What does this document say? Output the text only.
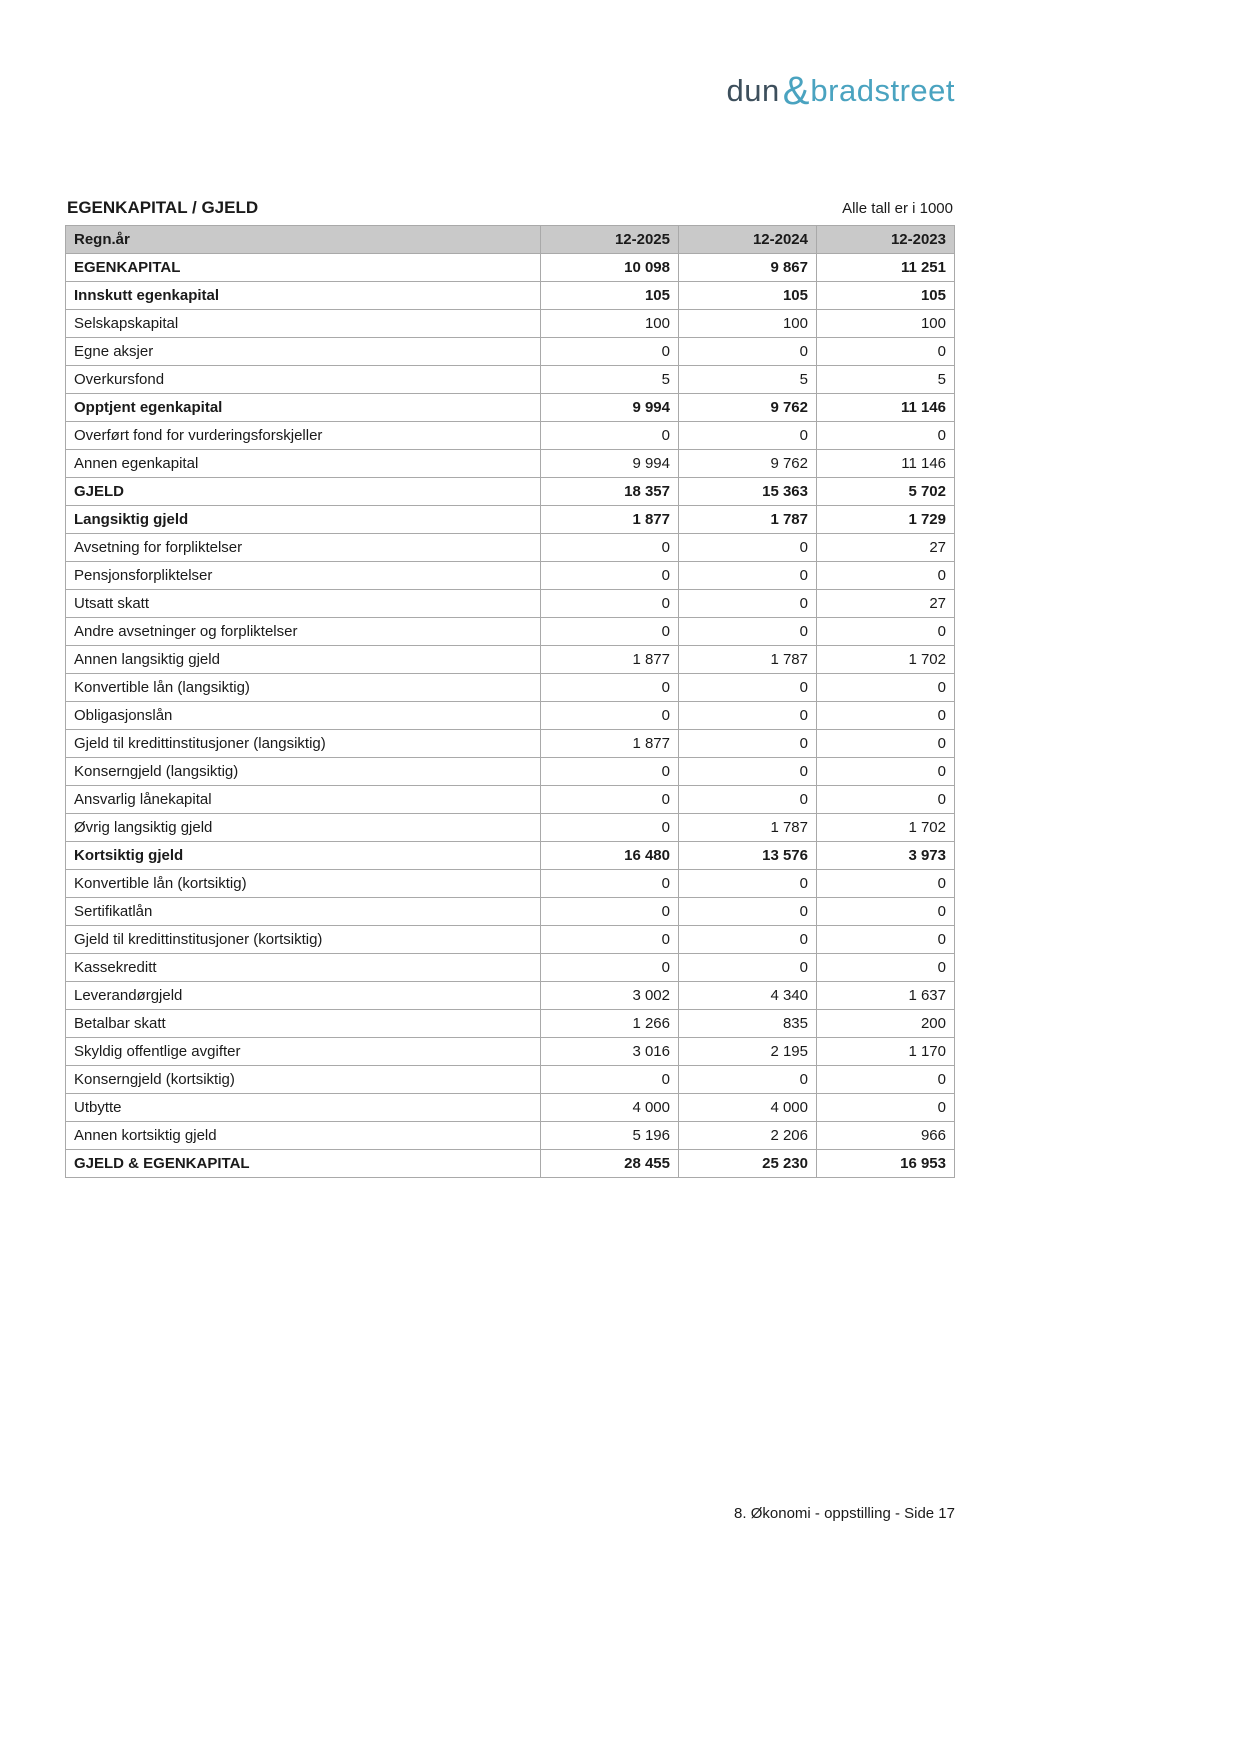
dun & bradstreet
EGENKAPITAL / GJELD	Alle tall er i 1000
Regn.år	12-2025	12-2024	12-2023
EGENKAPITAL	10 098	9 867	11 251
Innskutt egenkapital	105	105	105
Selskapskapital	100	100	100
Egne aksjer	0	0	0
Overkursfond	5	5	5
Opptjent egenkapital	9 994	9 762	11 146
Overført fond for vurderingsforskjeller	0	0	0
Annen egenkapital	9 994	9 762	11 146
GJELD	18 357	15 363	5 702
Langsiktig gjeld	1 877	1 787	1 729
Avsetning for forpliktelser	0	0	27
Pensjonsforpliktelser	0	0	0
Utsatt skatt	0	0	27
Andre avsetninger og forpliktelser	0	0	0
Annen langsiktig gjeld	1 877	1 787	1 702
Konvertible lån (langsiktig)	0	0	0
Obligasjonslån	0	0	0
Gjeld til kredittinstitusjoner (langsiktig)	1 877	0	0
Konserngjeld (langsiktig)	0	0	0
Ansvarlig lånekapital	0	0	0
Øvrig langsiktig gjeld	0	1 787	1 702
Kortsiktig gjeld	16 480	13 576	3 973
Konvertible lån (kortsiktig)	0	0	0
Sertifikatlån	0	0	0
Gjeld til kredittinstitusjoner (kortsiktig)	0	0	0
Kassekreditt	0	0	0
Leverandørgjeld	3 002	4 340	1 637
Betalbar skatt	1 266	835	200
Skyldig offentlige avgifter	3 016	2 195	1 170
Konserngjeld (kortsiktig)	0	0	0
Utbytte	4 000	4 000	0
Annen kortsiktig gjeld	5 196	2 206	966
GJELD & EGENKAPITAL	28 455	25 230	16 953
8. Økonomi - oppstilling - Side 17
